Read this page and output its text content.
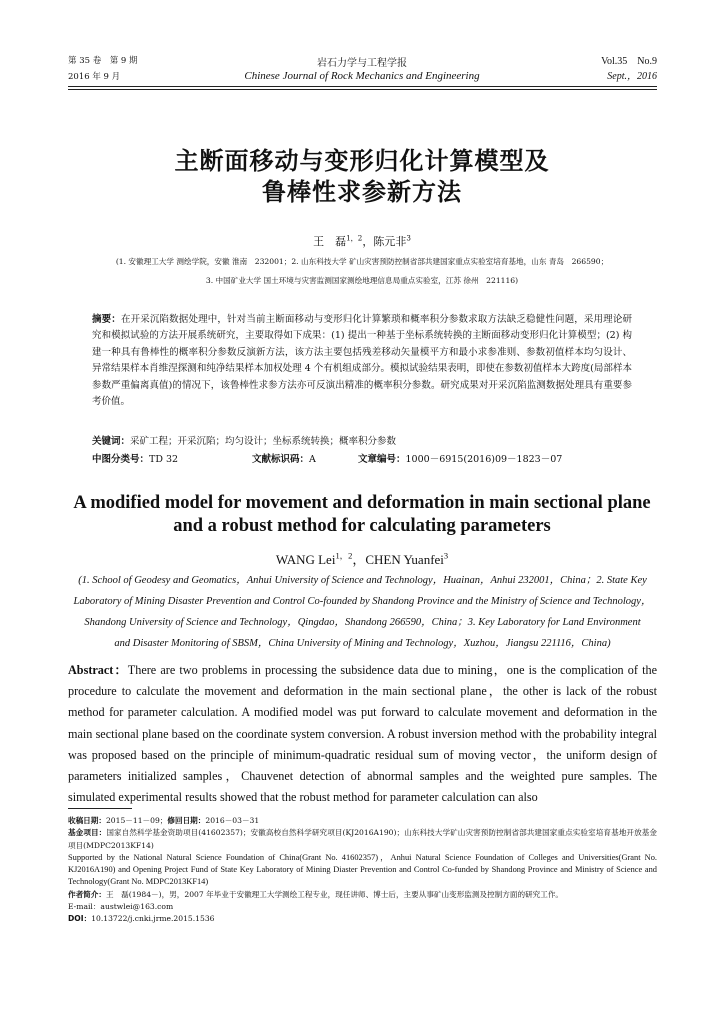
第 35 卷　第 9 期
2016 年 9 月
岩石力学与工程学报
Chinese Journal of Rock Mechanics and Engineering
Vol.35　No.9
Sept.，2016
主断面移动与变形归化计算模型及
鲁棒性求参新方法
王　磊$^{1,2}$，陈元非$^3$
(1. 安徽理工大学 测绘学院，安徽 淮南　232001；2. 山东科技大学 矿山灾害预防控制省部共建国家重点实验室培育基地，山东 青岛　266590；
3. 中国矿业大学 国土环境与灾害监测国家测绘地理信息局重点实验室，江苏 徐州　221116)
摘要：在开采沉陷数据处理中，针对当前主断面移动与变形归化计算繁琐和概率积分参数求取方法缺乏稳健性问题，采用理论研究和模拟试验的方法开展系统研究，主要取得如下成果：(1) 提出一种基于坐标系统转换的主断面移动变形归化计算模型；(2) 构建一种具有鲁棒性的概率积分参数反演新方法，该方法主要包括残差移动矢量模平方和最小求参准则、参数初值样本均匀设计、异常结果样本肖维涅探测和纯净结果样本加权处理 4 个有机组成部分。模拟试验结果表明，即使在参数初值样本大跨度(局部样本参数严重偏离真值)的情况下，该鲁棒性求参方法亦可反演出精准的概率积分参数。研究成果对开采沉陷监测数据处理具有重要参考价值。
关键词：采矿工程；开采沉陷；均匀设计；坐标系统转换；概率积分参数
中图分类号：TD 32	文献标识码：A	文章编号：1000－6915(2016)09－1823－07
A modified model for movement and deformation in main sectional plane
and a robust method for calculating parameters
WANG Lei$^{1,2}$，CHEN Yuanfei$^3$
(1. School of Geodesy and Geomatics，Anhui University of Science and Technology，Huainan，Anhui 232001，China；2. State Key
Laboratory of Mining Disaster Prevention and Control Co-founded by Shandong Province and the Ministry of Science and Technology，
Shandong University of Science and Technology，Qingdao，Shandong 266590，China；3. Key Laboratory for Land Environment
and Disaster Monitoring of SBSM，China University of Mining and Technology，Xuzhou，Jiangsu 221116，China)
Abstract：There are two problems in processing the subsidence data due to mining，one is the complication of the procedure to calculate the movement and deformation in the main sectional plane，the other is lack of the robust method for parameter calculation. A modified model was put forward to calculate movement and deformation in the main sectional plane based on the coordinate system conversion. A robust inversion method with the probability integral was proposed based on the principle of minimum-quadratic residual sum of moving vector，the uniform design of parameters initialized samples，Chauvenet detection of abnormal samples and the weighted pure samples. The simulated experimental results showed that the robust method for parameter calculation can also
收稿日期：2015－11－09；修回日期：2016－03－31
基金项目：国家自然科学基金资助项目(41602357)；安徽高校自然科学研究项目(KJ2016A190)；山东科技大学矿山灾害预防控制省部共建国家重点实验室培育基地开放基金项目(MDPC2013KF14)
Supported by the National Natural Science Foundation of China(Grant No. 41602357)，Anhui Natural Science Foundation of Colleges and Universities(Grant No. KJ2016A190) and Opening Project Fund of State Key Laboratory of Mining Diaster Prevention and Control Co-funded by Shandong Province and Ministry of Science and Technology(Grant No. MDPC2013KF14)
作者简介：王　磊(1984－)，男，2007 年毕业于安徽理工大学测绘工程专业，现任讲师、博士后，主要从事矿山变形监测及控制方面的研究工作。
E-mail：austwlei@163.com
DOI：10.13722/j.cnki.jrme.2015.1536
